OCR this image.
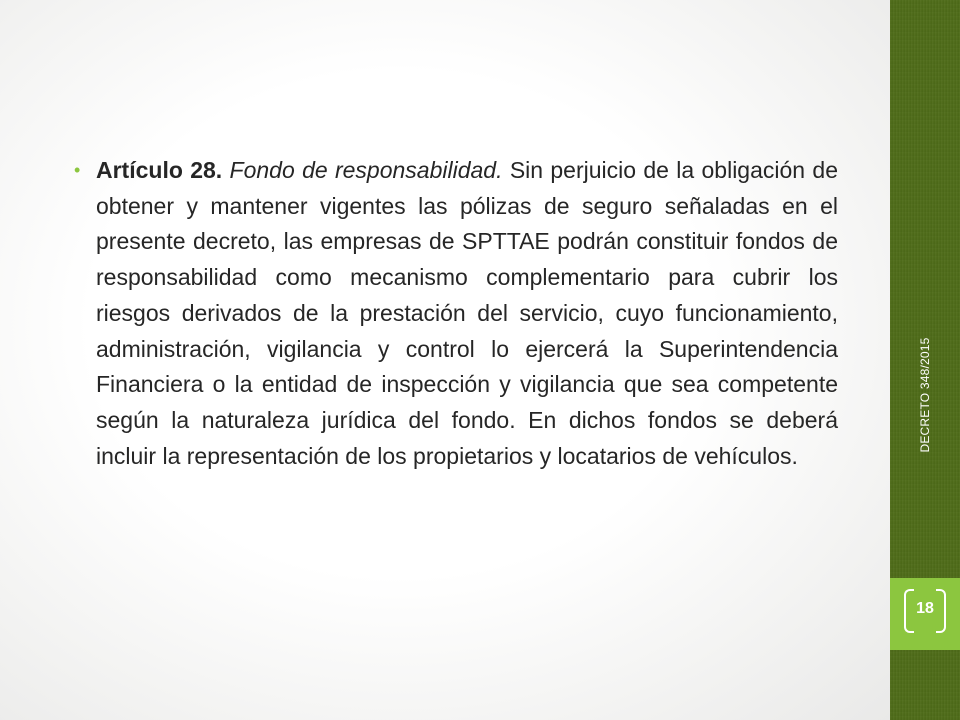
• Artículo 28. Fondo de responsabilidad. Sin perjuicio de la obligación de obtener y mantener vigentes las pólizas de seguro señaladas en el presente decreto, las empresas de SPTTAE podrán constituir fondos de responsabilidad como mecanismo complementario para cubrir los riesgos derivados de la prestación del servicio, cuyo funcionamiento, administración, vigilancia y control lo ejercerá la Superintendencia Financiera o la entidad de inspección y vigilancia que sea competente según la naturaleza jurídica del fondo. En dichos fondos se deberá incluir la representación de los propietarios y locatarios de vehículos.
DECRETO 348/2015
18
